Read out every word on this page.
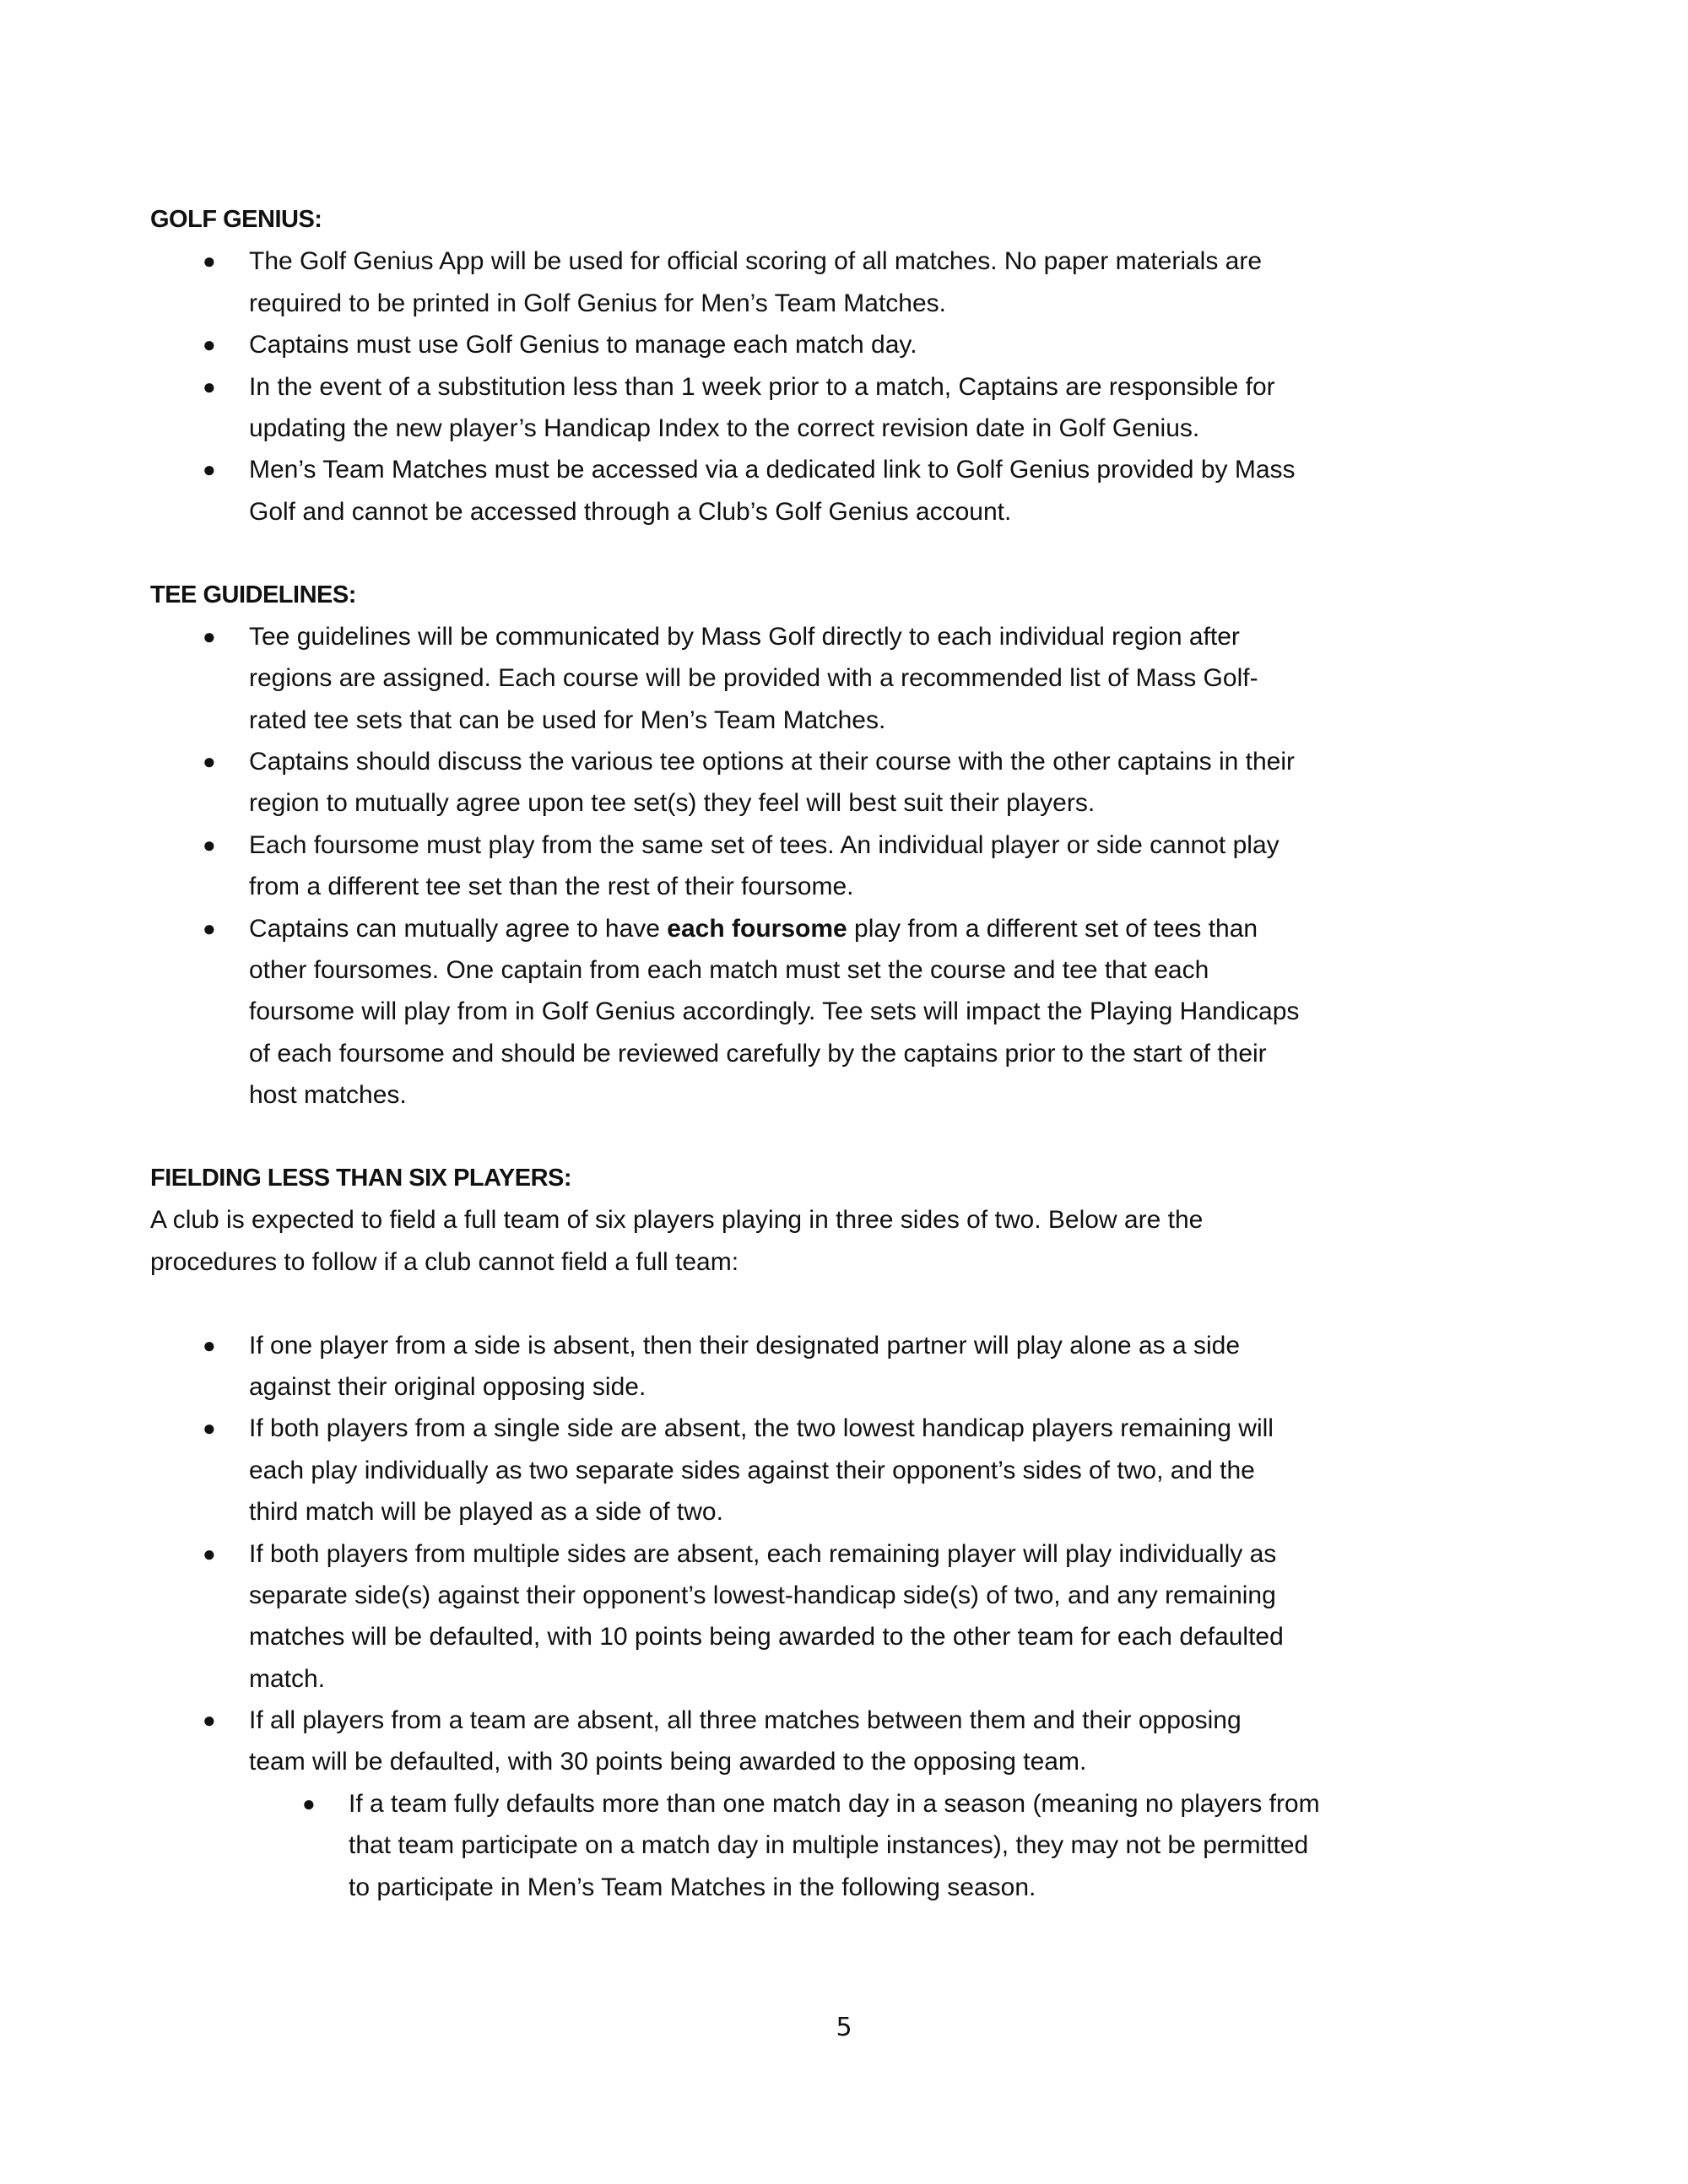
GOLF GENIUS:
● The Golf Genius App will be used for official scoring of all matches. No paper materials are
required to be printed in Golf Genius for Men’s Team Matches.
● Captains must use Golf Genius to manage each match day.
● In the event of a substitution less than 1 week prior to a match, Captains are responsible for
updating the new player’s Handicap Index to the correct revision date in Golf Genius.
● Men’s Team Matches must be accessed via a dedicated link to Golf Genius provided by Mass
Golf and cannot be accessed through a Club’s Golf Genius account.
TEE GUIDELINES:
● Tee guidelines will be communicated by Mass Golf directly to each individual region after
regions are assigned. Each course will be provided with a recommended list of Mass Golf-
rated tee sets that can be used for Men’s Team Matches.
● Captains should discuss the various tee options at their course with the other captains in their
region to mutually agree upon tee set(s) they feel will best suit their players.
● Each foursome must play from the same set of tees. An individual player or side cannot play
from a different tee set than the rest of their foursome.
● Captains can mutually agree to have each foursome play from a different set of tees than
other foursomes. One captain from each match must set the course and tee that each
foursome will play from in Golf Genius accordingly. Tee sets will impact the Playing Handicaps
of each foursome and should be reviewed carefully by the captains prior to the start of their
host matches.
FIELDING LESS THAN SIX PLAYERS:
A club is expected to field a full team of six players playing in three sides of two. Below are the
procedures to follow if a club cannot field a full team:
● If one player from a side is absent, then their designated partner will play alone as a side
against their original opposing side.
● If both players from a single side are absent, the two lowest handicap players remaining will
each play individually as two separate sides against their opponent’s sides of two, and the
third match will be played as a side of two.
● If both players from multiple sides are absent, each remaining player will play individually as
separate side(s) against their opponent’s lowest-handicap side(s) of two, and any remaining
matches will be defaulted, with 10 points being awarded to the other team for each defaulted
match.
● If all players from a team are absent, all three matches between them and their opposing
team will be defaulted, with 30 points being awarded to the opposing team.
● If a team fully defaults more than one match day in a season (meaning no players from
that team participate on a match day in multiple instances), they may not be permitted
to participate in Men’s Team Matches in the following season.
5
